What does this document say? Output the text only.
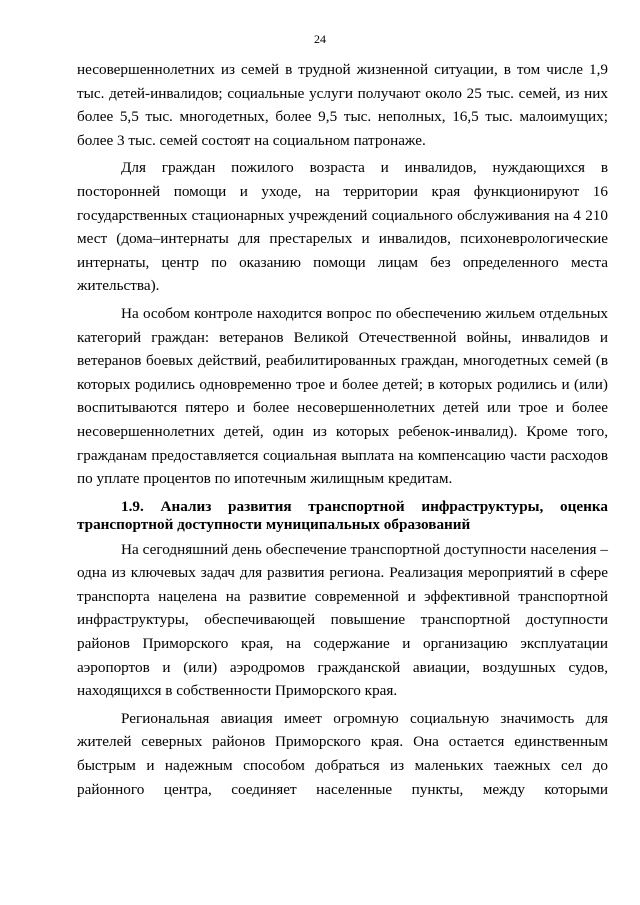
24

несовершеннолетних из семей в трудной жизненной ситуации, в том числе 1,9 тыс. детей-инвалидов; социальные услуги получают около 25 тыс. семей, из них более 5,5 тыс. многодетных, более 9,5 тыс. неполных, 16,5 тыс. малоимущих; более 3 тыс. семей состоят на социальном патронаже.

Для граждан пожилого возраста и инвалидов, нуждающихся в посторонней помощи и уходе, на территории края функционируют 16 государственных стационарных учреждений социального обслуживания на 4 210 мест (дома–интернаты для престарелых и инвалидов, психоневрологические интернаты, центр по оказанию помощи лицам без определенного места жительства).

На особом контроле находится вопрос по обеспечению жильем отдельных категорий граждан: ветеранов Великой Отечественной войны, инвалидов и ветеранов боевых действий, реабилитированных граждан, многодетных семей (в которых родились одновременно трое и более детей; в которых родились и (или) воспитываются пятеро и более несовершеннолетних детей или трое и более несовершеннолетних детей, один из которых ребенок-инвалид). Кроме того, гражданам предоставляется социальная выплата на компенсацию части расходов по уплате процентов по ипотечным жилищным кредитам.

1.9. Анализ развития транспортной инфраструктуры, оценка транспортной доступности муниципальных образований

На сегодняшний день обеспечение транспортной доступности населения – одна из ключевых задач для развития региона. Реализация мероприятий в сфере транспорта нацелена на развитие современной и эффективной транспортной инфраструктуры, обеспечивающей повышение транспортной доступности районов Приморского края, на содержание и организацию эксплуатации аэропортов и (или) аэродромов гражданской авиации, воздушных судов, находящихся в собственности Приморского края.

Региональная авиация имеет огромную социальную значимость для жителей северных районов Приморского края. Она остается единственным быстрым и надежным способом добраться из маленьких таежных сел до районного центра, соединяет населенные пункты, между которыми
